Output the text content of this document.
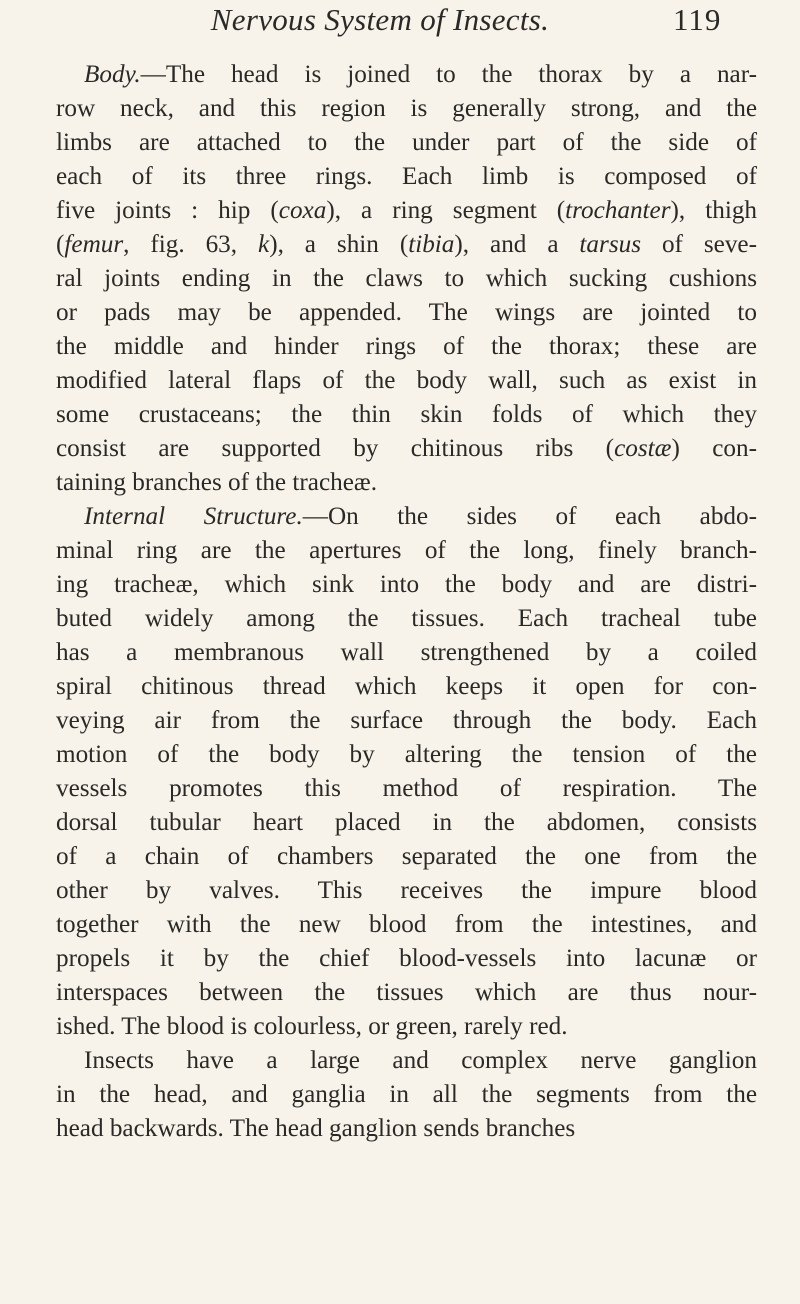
Nervous System of Insects.	119
Body.—The head is joined to the thorax by a nar-
row neck, and this region is generally strong, and the
limbs are attached to the under part of the side of
each of its three rings. Each limb is composed of
five joints : hip (coxa), a ring segment (trochanter), thigh
(femur, fig. 63, k), a shin (tibia), and a tarsus of seve-
ral joints ending in the claws to which sucking cushions
or pads may be appended. The wings are jointed to
the middle and hinder rings of the thorax; these are
modified lateral flaps of the body wall, such as exist in
some crustaceans; the thin skin folds of which they
consist are supported by chitinous ribs (costæ) con-
taining branches of the tracheæ.
Internal Structure.—On the sides of each abdo-
minal ring are the apertures of the long, finely branch-
ing tracheæ, which sink into the body and are distri-
buted widely among the tissues. Each tracheal tube
has a membranous wall strengthened by a coiled
spiral chitinous thread which keeps it open for con-
veying air from the surface through the body. Each
motion of the body by altering the tension of the
vessels promotes this method of respiration. The
dorsal tubular heart placed in the abdomen, consists
of a chain of chambers separated the one from the
other by valves. This receives the impure blood
together with the new blood from the intestines, and
propels it by the chief blood-vessels into lacunæ or
interspaces between the tissues which are thus nour-
ished. The blood is colourless, or green, rarely red.
Insects have a large and complex nerve ganglion
in the head, and ganglia in all the segments from the
head backwards. The head ganglion sends branches
